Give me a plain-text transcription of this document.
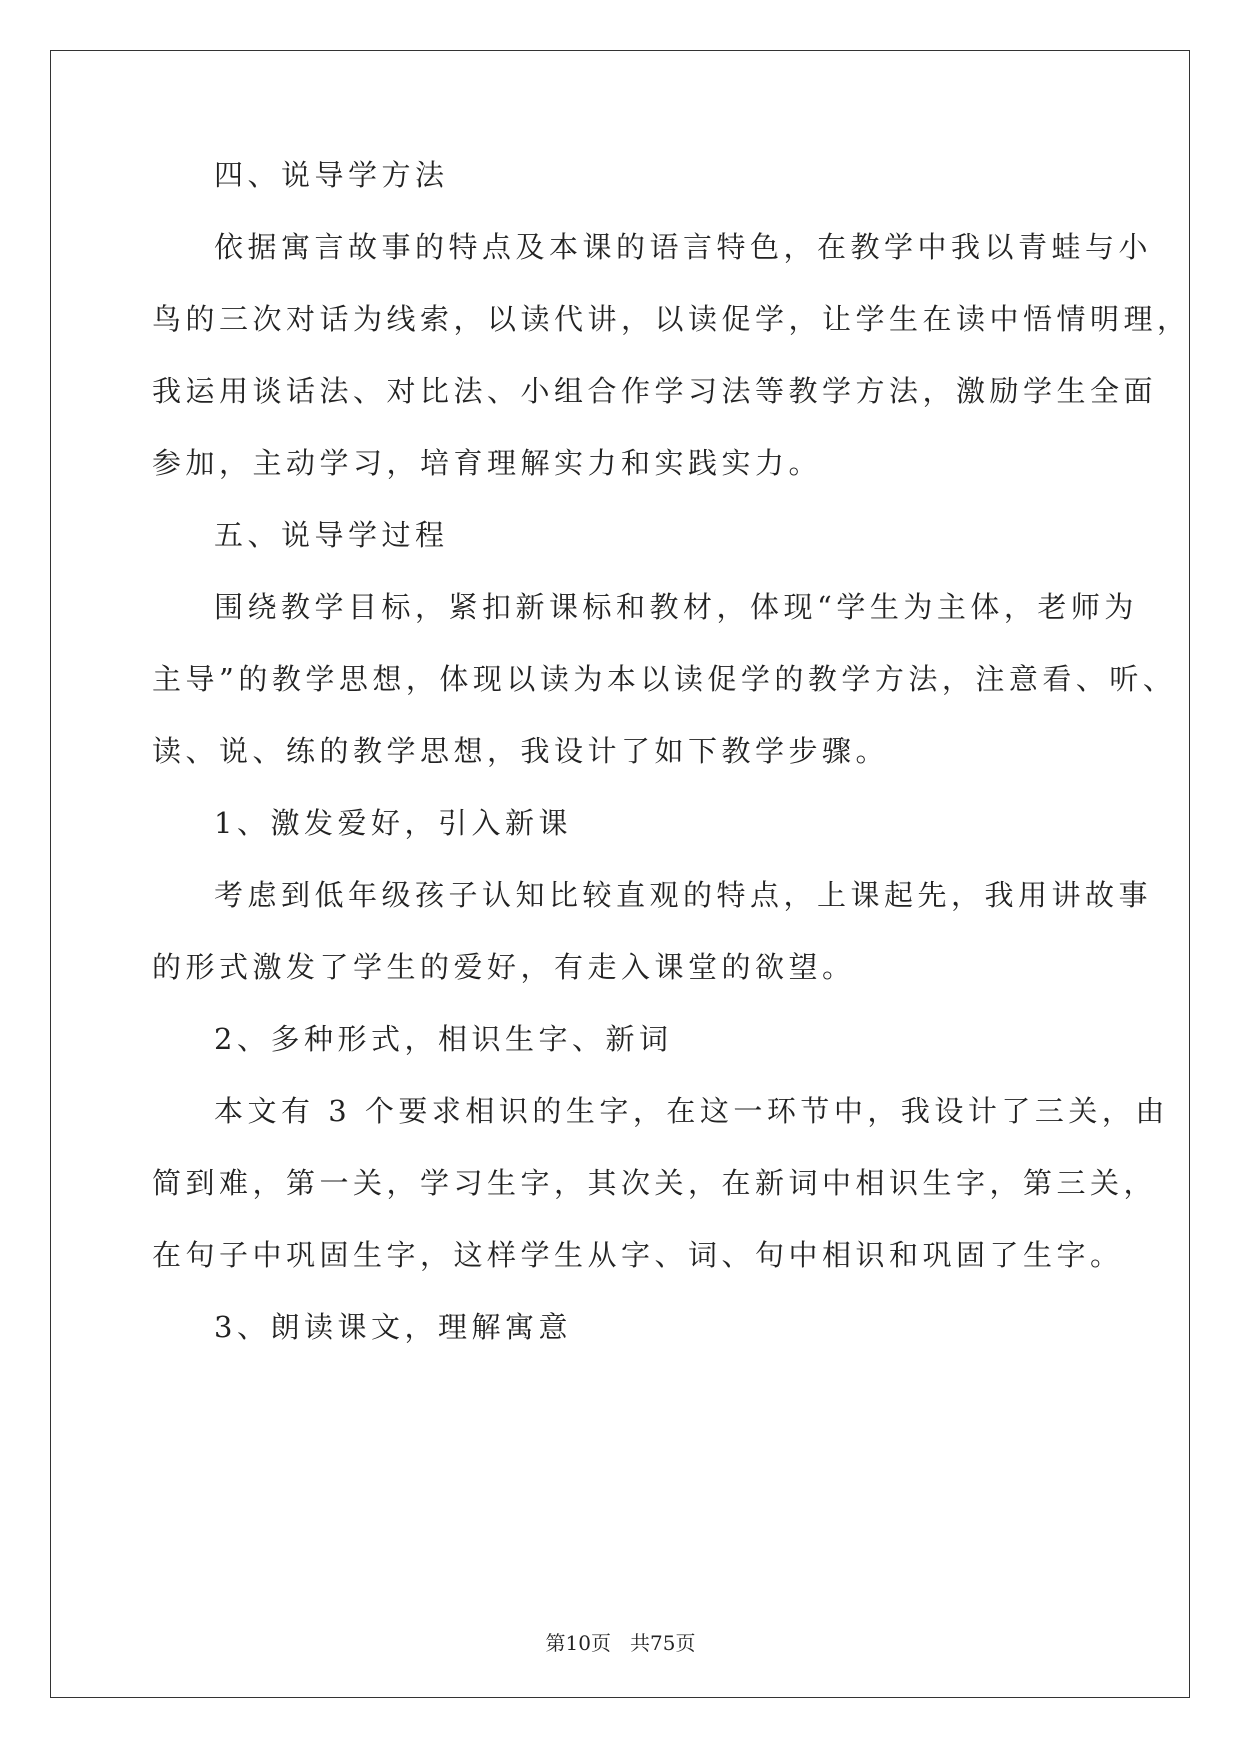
四、说导学方法
依据寓言故事的特点及本课的语言特色，在教学中我以青蛙与小
鸟的三次对话为线索，以读代讲，以读促学，让学生在读中悟情明理，
我运用谈话法、对比法、小组合作学习法等教学方法，激励学生全面
参加，主动学习，培育理解实力和实践实力。
五、说导学过程
围绕教学目标，紧扣新课标和教材，体现“学生为主体，老师为
主导”的教学思想，体现以读为本以读促学的教学方法，注意看、听、
读、说、练的教学思想，我设计了如下教学步骤。
1、激发爱好，引入新课
考虑到低年级孩子认知比较直观的特点，上课起先，我用讲故事
的形式激发了学生的爱好，有走入课堂的欲望。
2、多种形式，相识生字、新词
本文有 3 个要求相识的生字，在这一环节中，我设计了三关，由
简到难，第一关，学习生字，其次关，在新词中相识生字，第三关，
在句子中巩固生字，这样学生从字、词、句中相识和巩固了生字。
3、朗读课文，理解寓意
第10页 共75页
